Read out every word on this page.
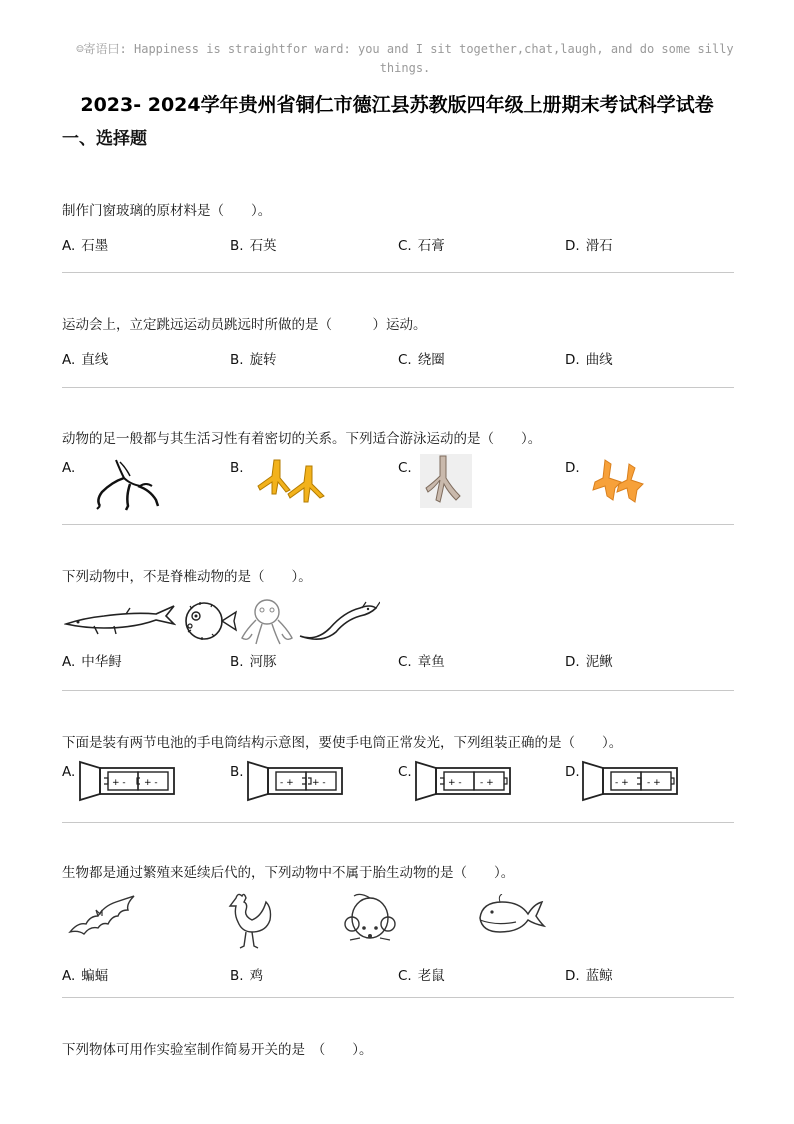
☺寄语曰: Happiness is straightfor ward: you and I sit together,chat,laugh, and do some silly things.
2023- 2024学年贵州省铜仁市德江县苏教版四年级上册期末考试科学试卷
一、选择题
制作门窗玻璃的原材料是（　　）。
A. 石墨	B. 石英	C. 石膏	D. 滑石
运动会上，立定跳远运动员跳远时所做的是（　　　）运动。
A. 直线	B. 旋转	C. 绕圈	D. 曲线
动物的足一般都与其生活习性有着密切的关系。下列适合游泳运动的是（　　）。
A.	B.	C.	D.
下列动物中，不是脊椎动物的是（　　）。
A. 中华鲟	B. 河豚	C. 章鱼	D. 泥鳅
下面是装有两节电池的手电筒结构示意图，要使手电筒正常发光，下列组装正确的是（　　）。
A.
+ - + -
B.
- + + -
C.
+ - - +
D.
- + - +
生物都是通过繁殖来延续后代的，下列动物中不属于胎生动物的是（　　）。
A. 蝙蝠	B. 鸡	C. 老鼠	D. 蓝鲸
下列物体可用作实验室制作简易开关的是　（　　）。
